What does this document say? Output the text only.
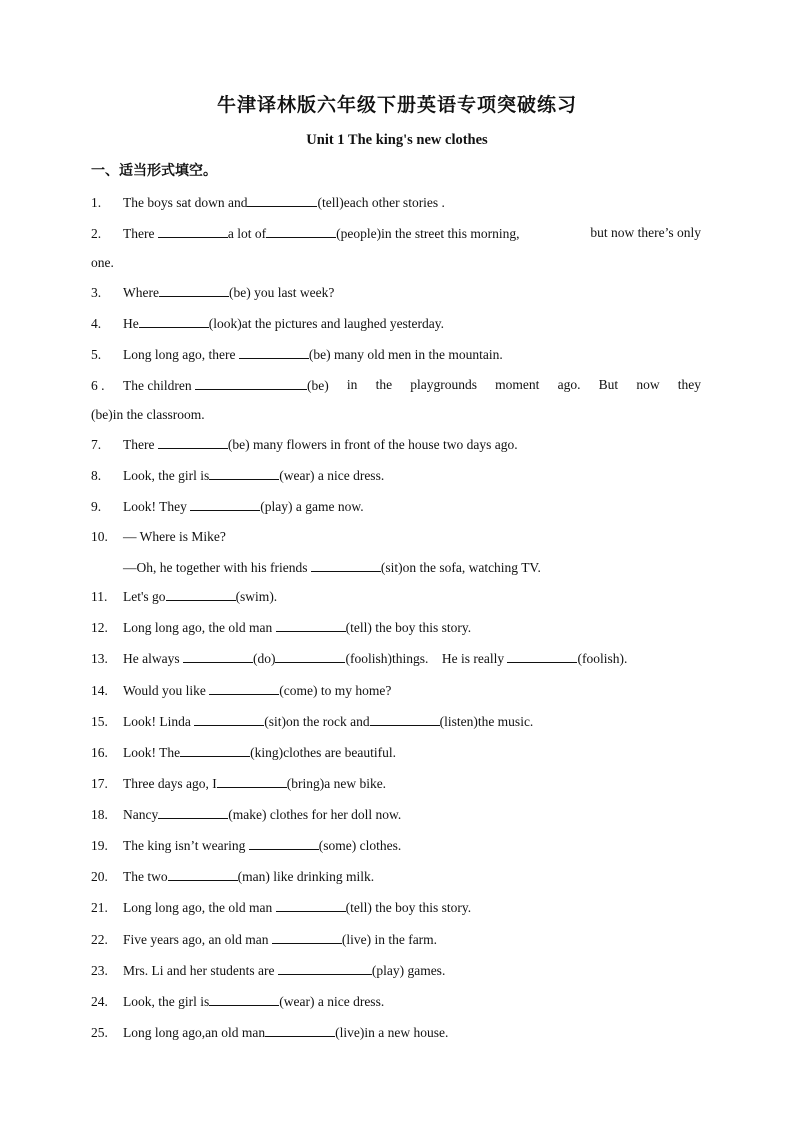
牛津译林版六年级下册英语专项突破练习
Unit 1 The king's new clothes
一、适当形式填空。
1. The boys sat down and	(tell)each other stories .
2. There	a lot of	(people)in the street this morning,	but now there’s only
one.
3. Where	(be) you last week?
4. He	(look)at the pictures and laughed yesterday.
5. Long long ago, there	(be) many old men in the mountain.
6 . The children	(be) in the playgrounds moment ago. But now they
(be)in the classroom.
7. There	(be) many flowers in front of the house two days ago.
8. Look, the girl is	(wear) a nice dress.
9. Look! They	(play) a game now.
10. — Where is Mike?
—Oh, he together with his friends	(sit)on the sofa, watching TV.
11. Let's go	(swim).
12. Long long ago, the old man	(tell) the boy this story.
13. He always	(do)	(foolish)things. He is really	(foolish).
14. Would you like	(come) to my home?
15. Look! Linda	(sit)on the rock and	(listen)the music.
16. Look! The	(king)clothes are beautiful.
17. Three days ago, I	(bring)a new bike.
18. Nancy	(make) clothes for her doll now.
19. The king isn’t wearing	(some) clothes.
20. The two	(man) like drinking milk.
21. Long long ago, the old man	(tell) the boy this story.
22. Five years ago, an old man	(live) in the farm.
23. Mrs. Li and her students are	(play) games.
24. Look, the girl is	(wear) a nice dress.
25. Long long ago,an old man	(live)in a new house.
